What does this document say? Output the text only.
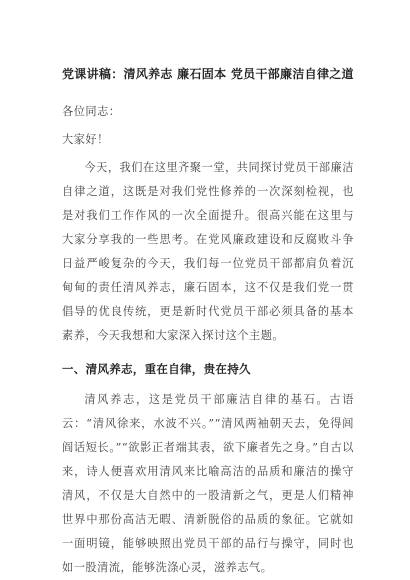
党课讲稿：清风养志 廉石固本 党员干部廉洁自律之道

各位同志：

大家好！

今天，我们在这里齐聚一堂，共同探讨党员干部廉洁自律之道，这既是对我们党性修养的一次深刻检视，也是对我们工作作风的一次全面提升。很高兴能在这里与大家分享我的一些思考。在党风廉政建设和反腐败斗争日益严峻复杂的今天，我们每一位党员干部都肩负着沉甸甸的责任清风养志，廉石固本，这不仅是我们党一贯倡导的优良传统，更是新时代党员干部必须具备的基本素养，今天我想和大家深入探讨这个主题。

一、清风养志，重在自律，贵在持久

清风养志，这是党员干部廉洁自律的基石。古语云：“清风徐来，水波不兴。”“清风两袖朝天去，免得闾阎话短长。”“欲影正者端其表，欲下廉者先之身。”自古以来，诗人便喜欢用清风来比喻高洁的品质和廉洁的操守清风，不仅是大自然中的一股清新之气，更是人们精神世界中那份高洁无暇、清新脱俗的品质的象征。它就如一面明镜，能够映照出党员干部的品行与操守，同时也如一股清流，能够洗涤心灵，滋养志气。
